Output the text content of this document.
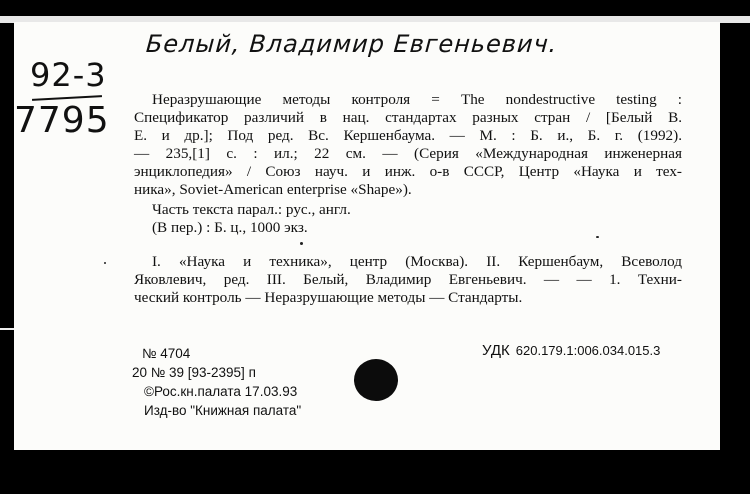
Белый, Владимир Евгеньевич.
92-3
7795
Неразрушающие методы контроля = The nondestructive testing :
Спецификатор различий в нац. стандартах разных стран / [Белый В.
Е. и др.]; Под ред. Вс. Кершенбаума. — М. : Б. и., Б. г. (1992).
— 235,[1] с. : ил.; 22 см. — (Серия «Международная инженерная
энциклопедия» / Союз науч. и инж. о-в СССР, Центр «Наука и тех-
ника», Soviet-American enterprise «Shape»).
Часть текста парал.: рус., англ.
(В пер.) : Б. ц., 1000 экз.
I. «Наука и техника», центр (Москва). II. Кершенбаум, Всеволод
Яковлевич, ред. III. Белый, Владимир Евгеньевич. — — 1. Техни-
ческий контроль — Неразрушающие методы — Стандарты.
УДК 620.179.1:006.034.015.3
№ 4704
20 № 39 [93-2395] п
©Рос.кн.палата 17.03.93
Изд-во "Книжная палата"
